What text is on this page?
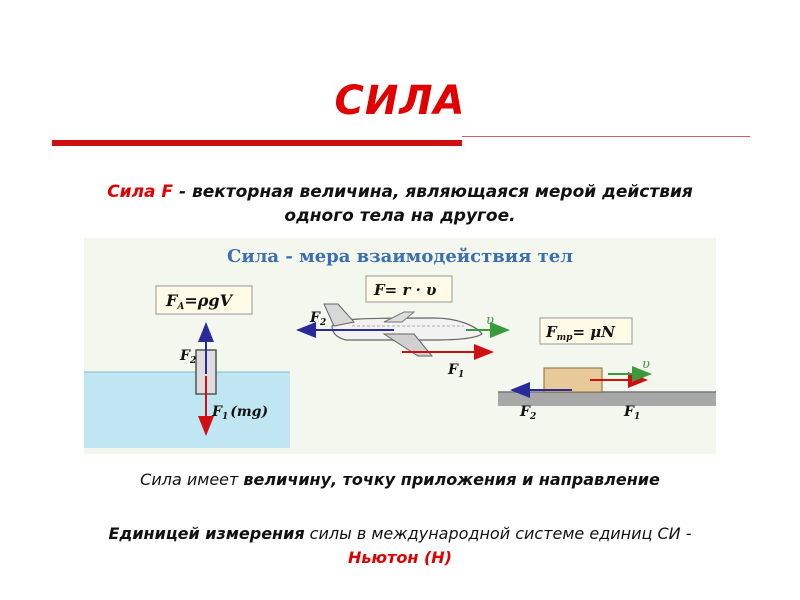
СИЛА
Сила F - векторная величина, являющаяся мерой действия
одного тела на другое.
Сила - мера взаимодействия тел
FA=ρgV
$F_2$
$F_1$ (mg)
F= r · υ
$F_2$
$F_1$
υ
$F_{тр}= \mu N$
$F_2$	$F_1$
υ
Сила имеет величину, точку приложения и направление
Единицей измерения силы в международной системе единиц СИ -
Ньютон (Н)
